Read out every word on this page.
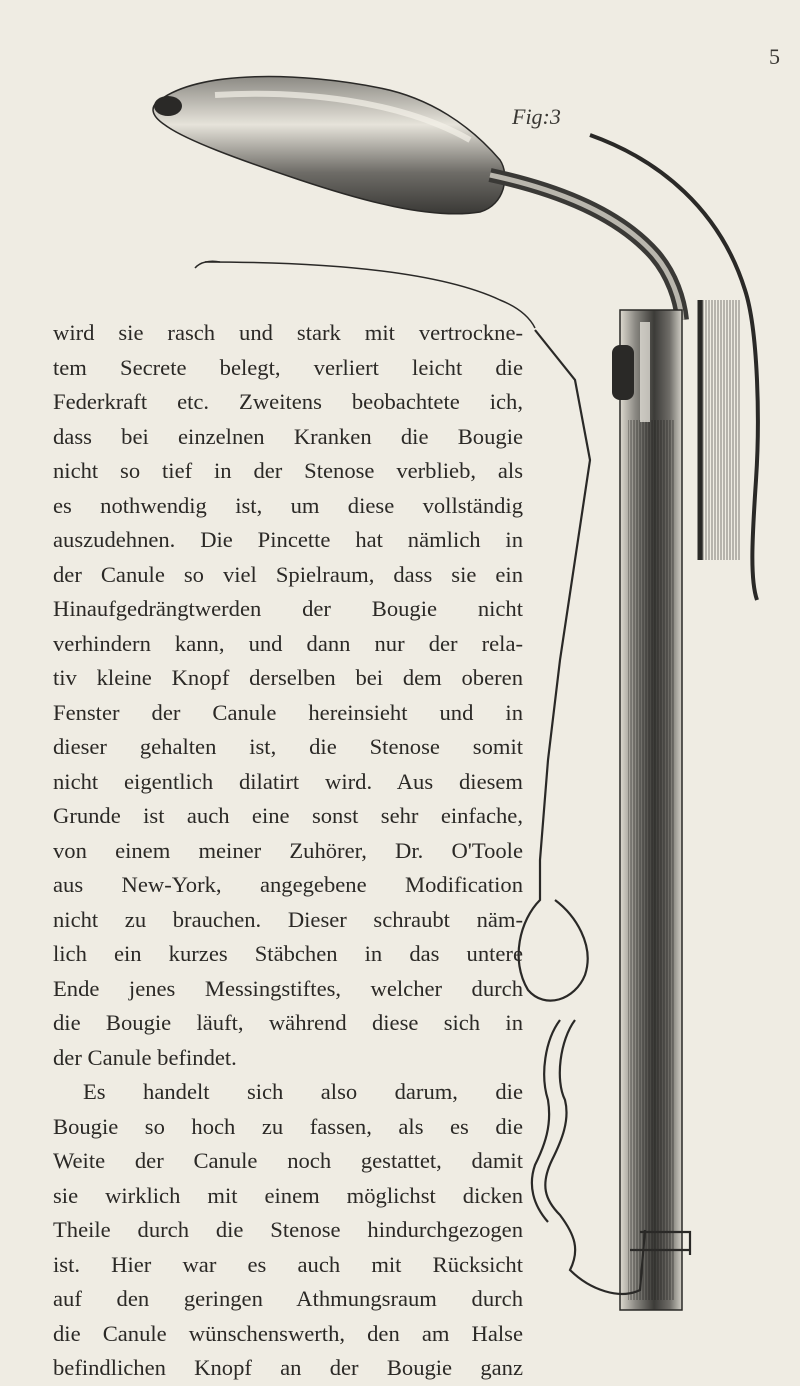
5
Fig:3
wird sie rasch und stark mit vertrockne-
tem Secrete belegt, verliert leicht die
Federkraft etc. Zweitens beobachtete ich,
dass bei einzelnen Kranken die Bougie
nicht so tief in der Stenose verblieb, als
es nothwendig ist, um diese vollständig
auszudehnen. Die Pincette hat nämlich in
der Canule so viel Spielraum, dass sie ein
Hinaufgedrängtwerden der Bougie nicht
verhindern kann, und dann nur der rela-
tiv kleine Knopf derselben bei dem oberen
Fenster der Canule hereinsieht und in
dieser gehalten ist, die Stenose somit
nicht eigentlich dilatirt wird. Aus diesem
Grunde ist auch eine sonst sehr einfache,
von einem meiner Zuhörer, Dr. O'Toole
aus New-York, angegebene Modification
nicht zu brauchen. Dieser schraubt näm-
lich ein kurzes Stäbchen in das untere
Ende jenes Messingstiftes, welcher durch
die Bougie läuft, während diese sich in
der Canule befindet.
Es handelt sich also darum, die
Bougie so hoch zu fassen, als es die
Weite der Canule noch gestattet, damit
sie wirklich mit einem möglichst dicken
Theile durch die Stenose hindurchgezogen
ist. Hier war es auch mit Rücksicht
auf den geringen Athmungsraum durch
die Canule wünschenswerth, den am Halse
befindlichen Knopf an der Bougie ganz
